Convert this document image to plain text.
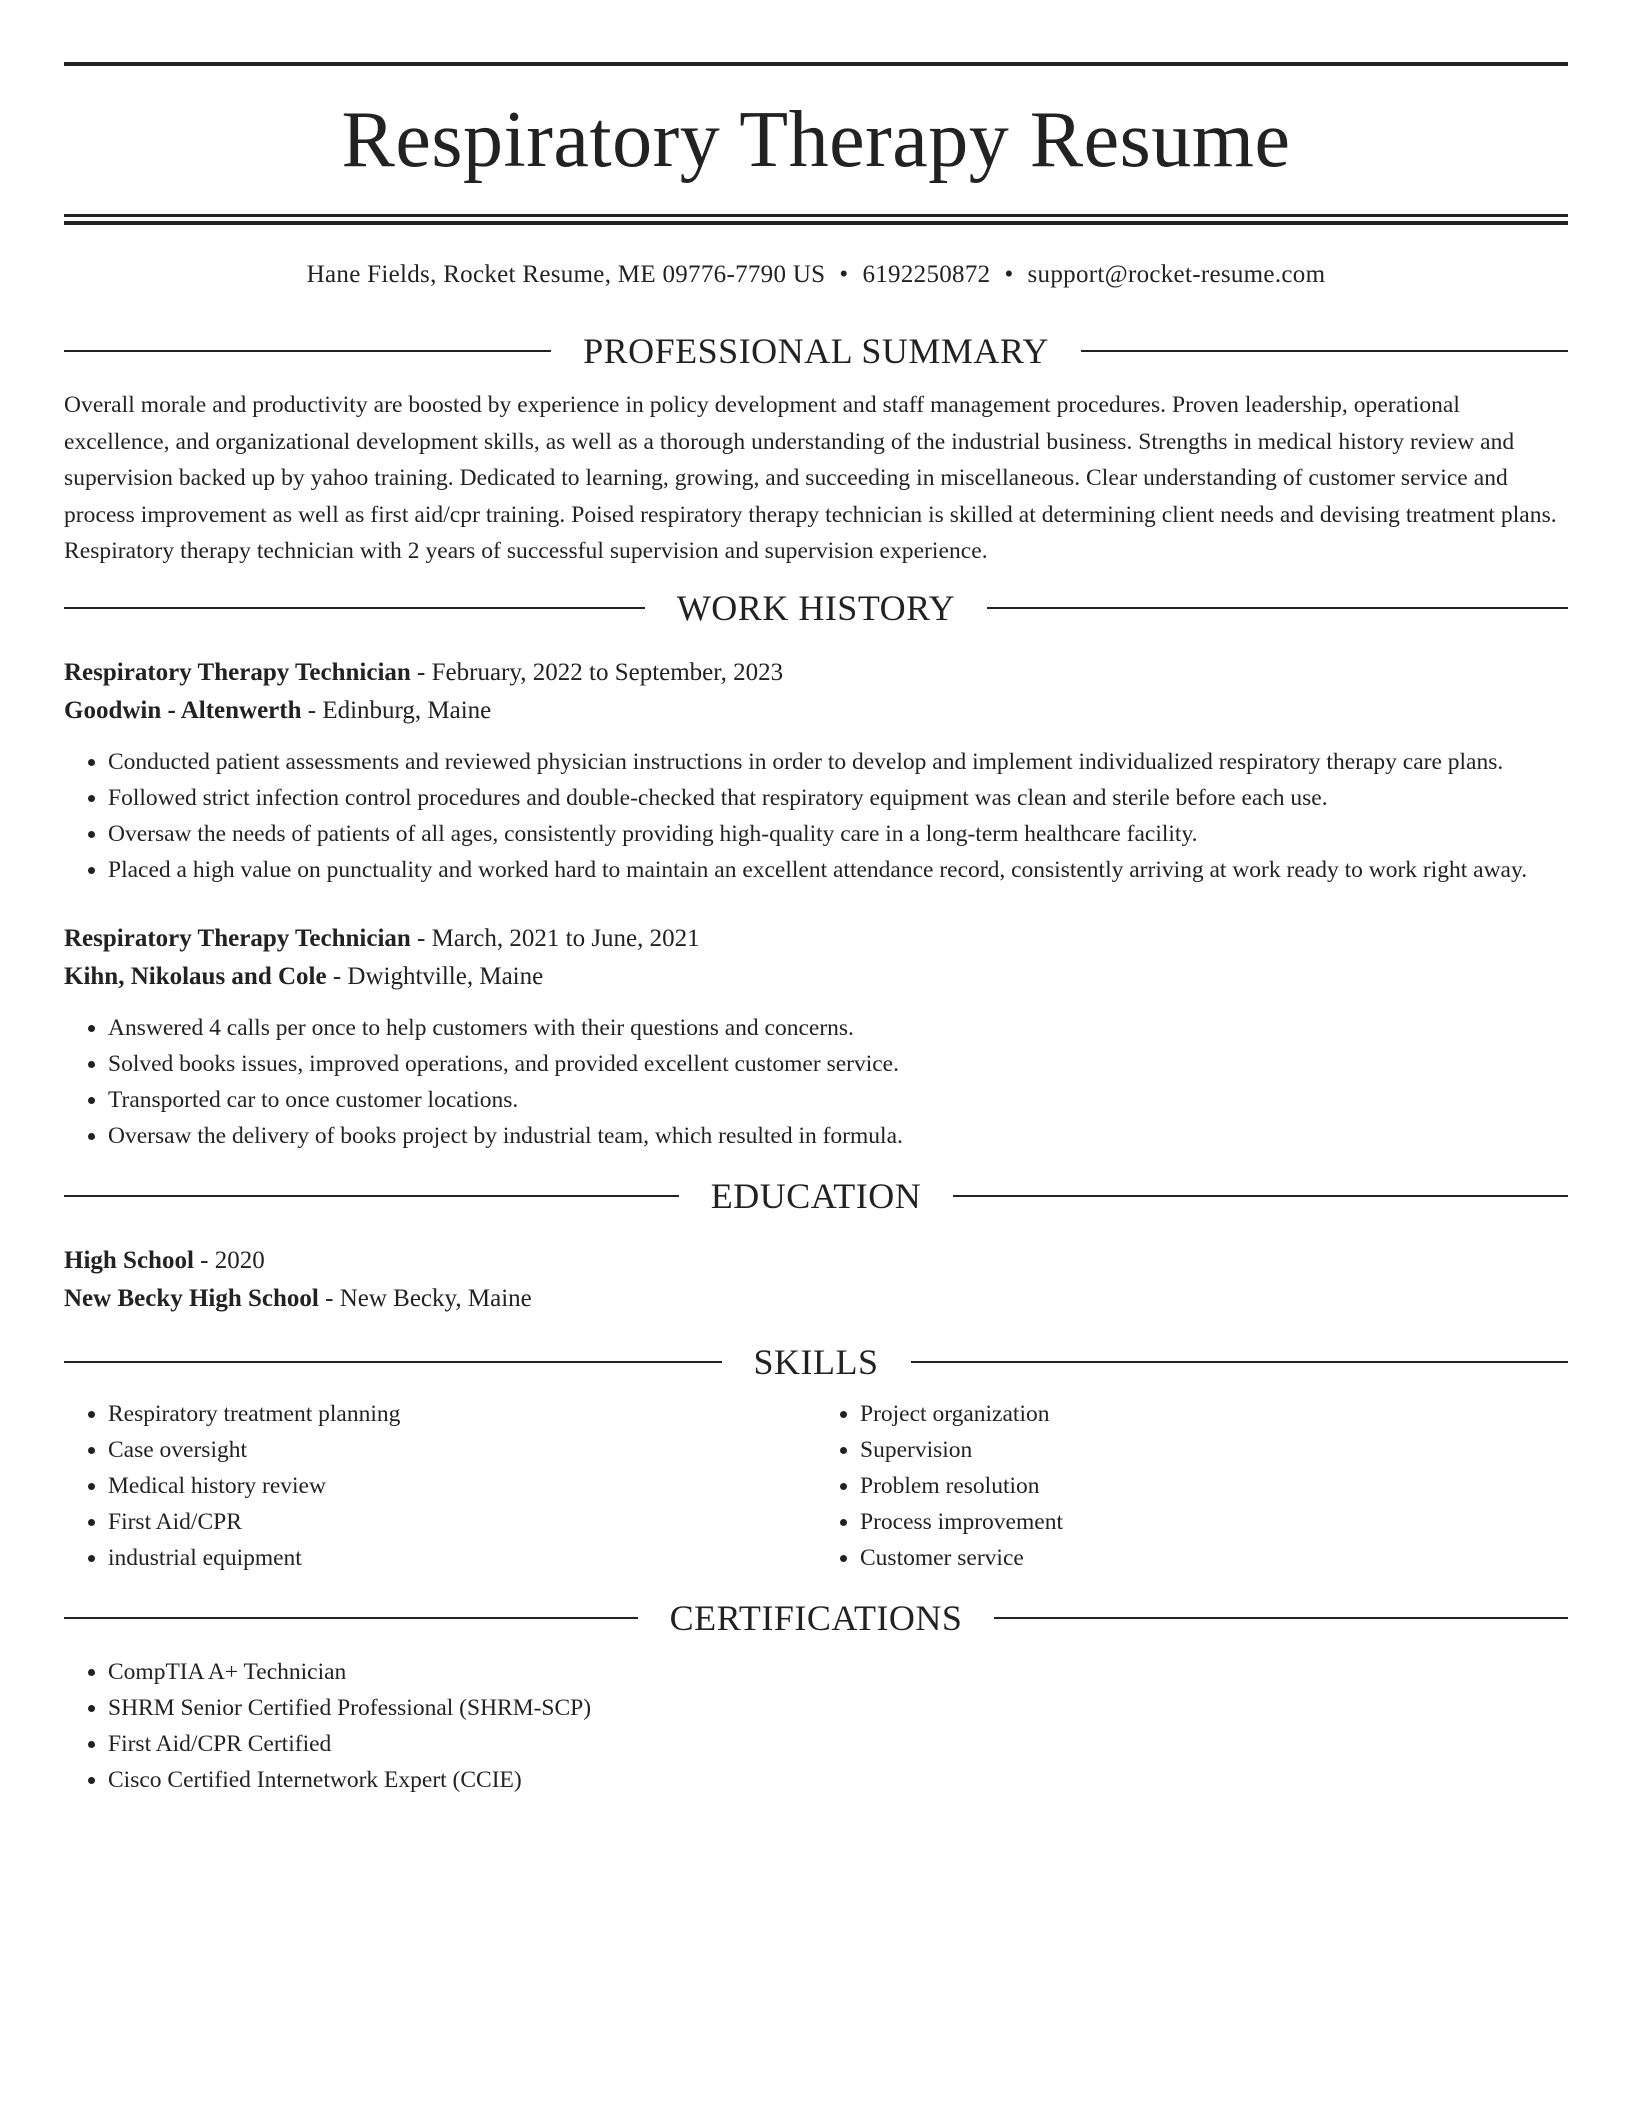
Respiratory Therapy Resume
Hane Fields, Rocket Resume, ME 09776-7790 US • 6192250872 • support@rocket-resume.com
PROFESSIONAL SUMMARY

Overall morale and productivity are boosted by experience in policy development and staff management procedures. Proven leadership, operational excellence, and organizational development skills, as well as a thorough understanding of the industrial business. Strengths in medical history review and supervision backed up by yahoo training. Dedicated to learning, growing, and succeeding in miscellaneous. Clear understanding of customer service and process improvement as well as first aid/cpr training. Poised respiratory therapy technician is skilled at determining client needs and devising treatment plans. Respiratory therapy technician with 2 years of successful supervision and supervision experience.

WORK HISTORY
Respiratory Therapy Technician - February, 2022 to September, 2023
Goodwin - Altenwerth - Edinburg, Maine
• Conducted patient assessments and reviewed physician instructions in order to develop and implement individualized respiratory therapy care plans.
• Followed strict infection control procedures and double-checked that respiratory equipment was clean and sterile before each use.
• Oversaw the needs of patients of all ages, consistently providing high-quality care in a long-term healthcare facility.
• Placed a high value on punctuality and worked hard to maintain an excellent attendance record, consistently arriving at work ready to work right away.
Respiratory Therapy Technician - March, 2021 to June, 2021
Kihn, Nikolaus and Cole - Dwightville, Maine
• Answered 4 calls per once to help customers with their questions and concerns.
• Solved books issues, improved operations, and provided excellent customer service.
• Transported car to once customer locations.
• Oversaw the delivery of books project by industrial team, which resulted in formula.
EDUCATION
High School - 2020
New Becky High School - New Becky, Maine
SKILLS
• Respiratory treatment planning
• Case oversight
• Medical history review
• First Aid/CPR
• industrial equipment
• Project organization
• Supervision
• Problem resolution
• Process improvement
• Customer service
CERTIFICATIONS
• CompTIA A+ Technician
• SHRM Senior Certified Professional (SHRM-SCP)
• First Aid/CPR Certified
• Cisco Certified Internetwork Expert (CCIE)
